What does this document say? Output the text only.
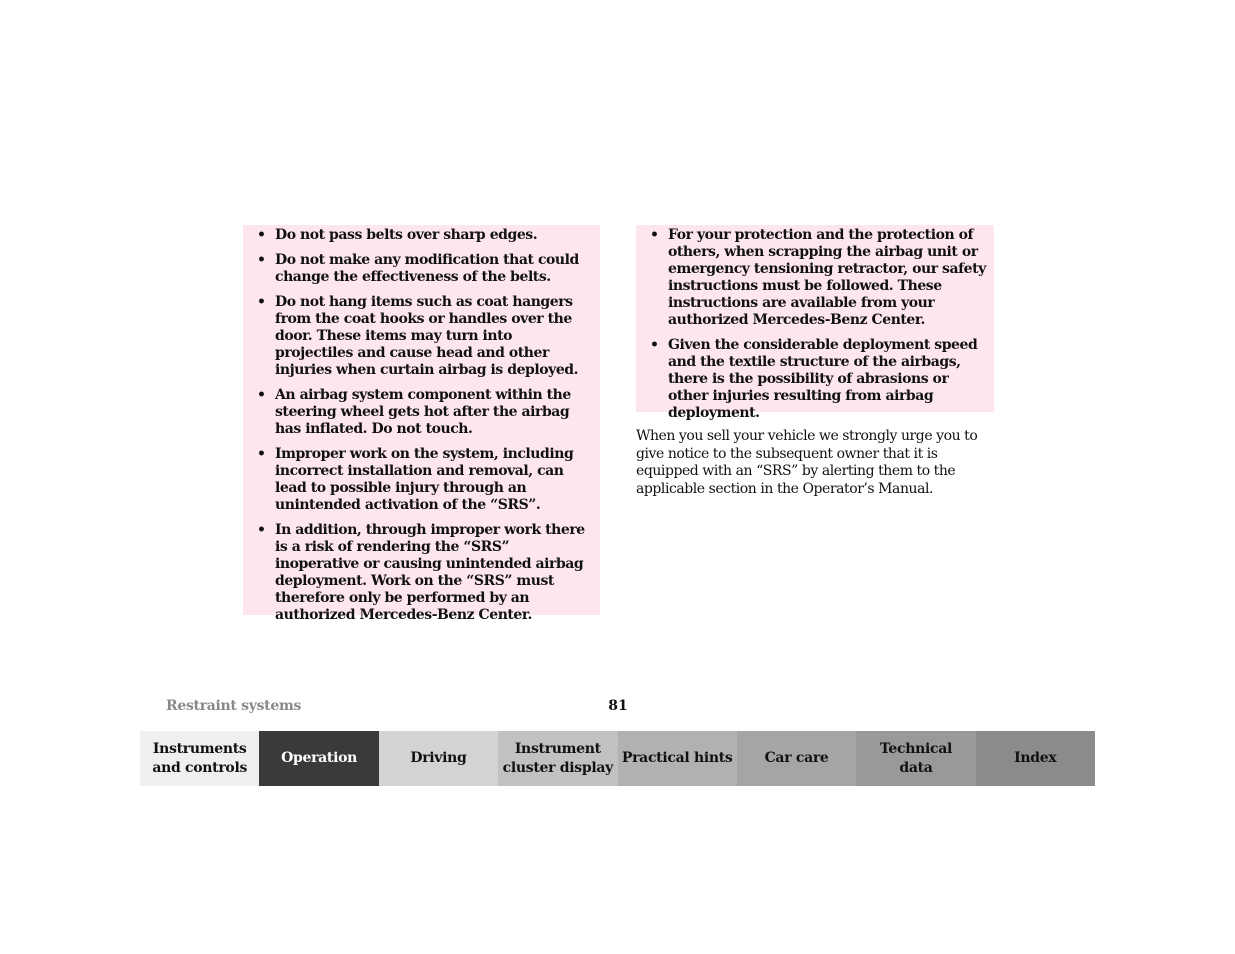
• Do not pass belts over sharp edges.
• Do not make any modification that could change the effectiveness of the belts.
• Do not hang items such as coat hangers from the coat hooks or handles over the door. These items may turn into projectiles and cause head and other injuries when curtain airbag is deployed.
• An airbag system component within the steering wheel gets hot after the airbag has inflated. Do not touch.
• Improper work on the system, including incorrect installation and removal, can lead to possible injury through an unintended activation of the “SRS”.
• In addition, through improper work there is a risk of rendering the “SRS” inoperative or causing unintended airbag deployment. Work on the “SRS” must therefore only be performed by an authorized Mercedes-Benz Center.
• For your protection and the protection of others, when scrapping the airbag unit or emergency tensioning retractor, our safety instructions must be followed. These instructions are available from your authorized Mercedes-Benz Center.
• Given the considerable deployment speed and the textile structure of the airbags, there is the possibility of abrasions or other injuries resulting from airbag deployment.

When you sell your vehicle we strongly urge you to give notice to the subsequent owner that it is equipped with an “SRS” by alerting them to the applicable section in the Operator’s Manual.

Restraint systems	81
Instruments
and controls
Operation	Driving
Instrument
cluster display
Practical hints	Car care
Technical
data
Index
